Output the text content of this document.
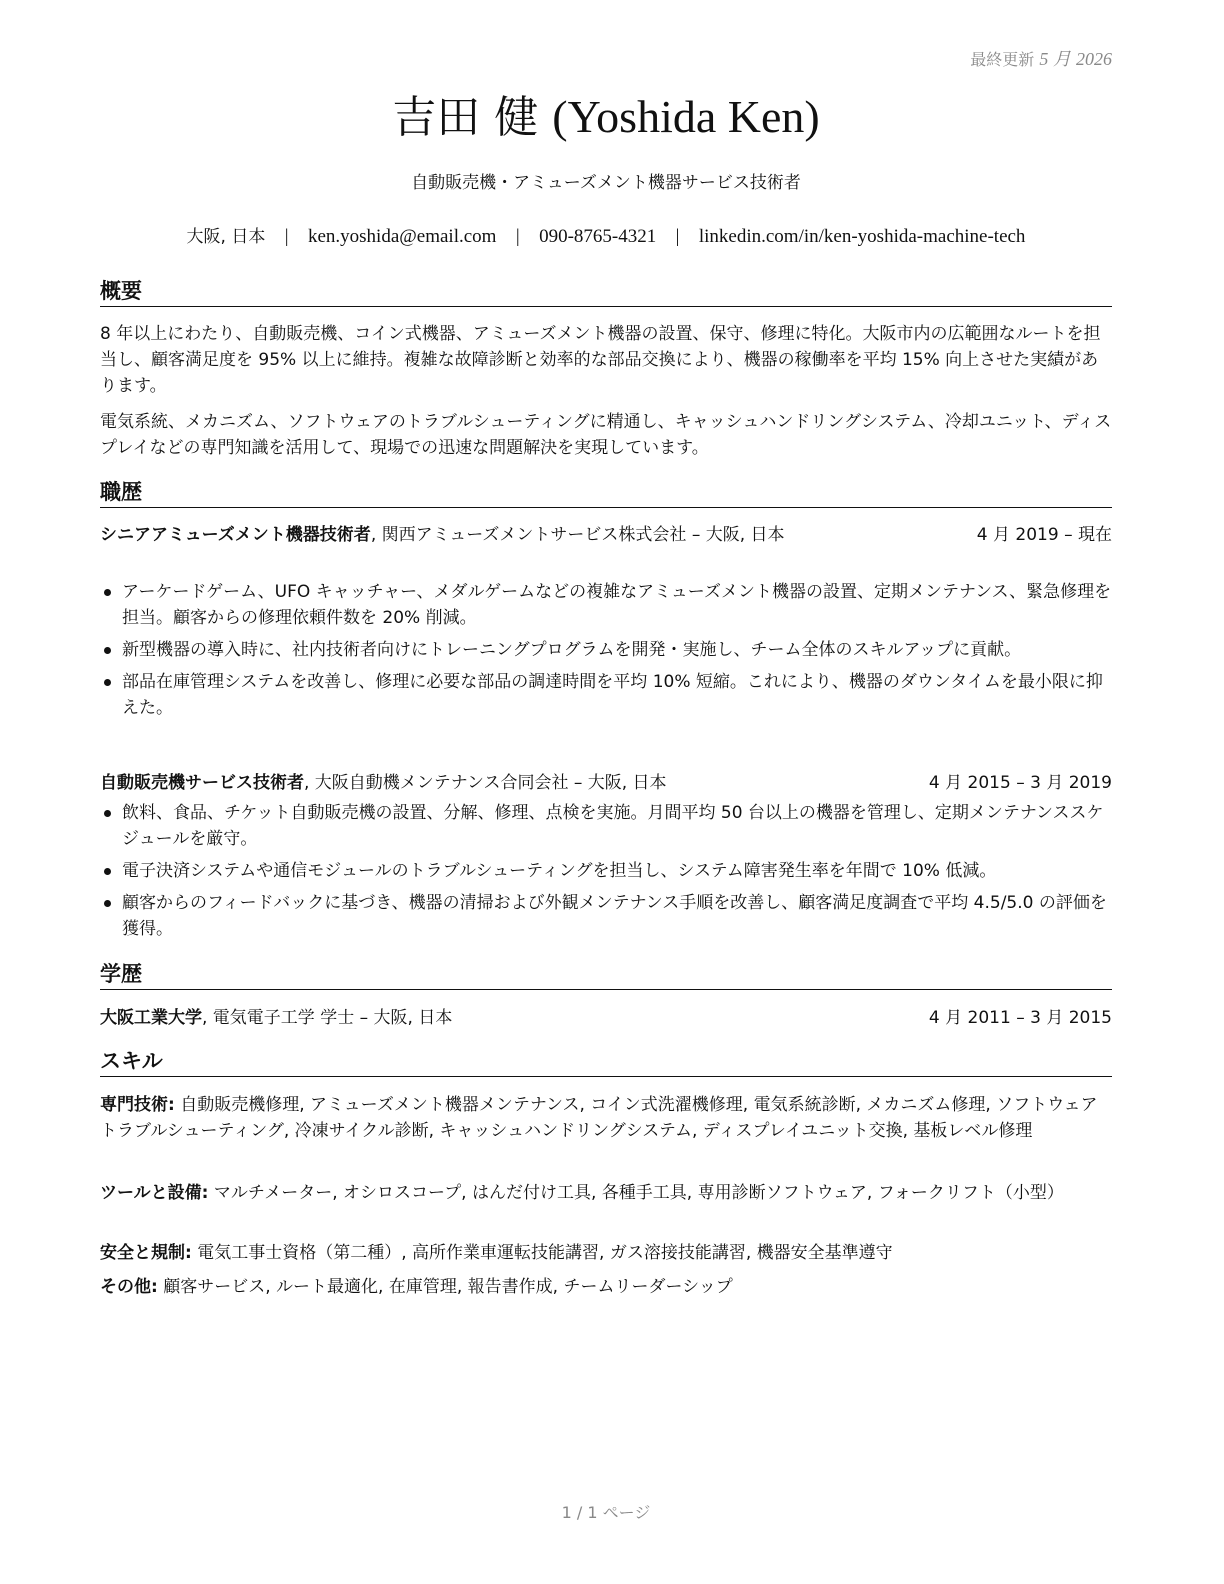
最終更新 5 月 2026
吉田 健 (Yoshida Ken)
自動販売機・アミューズメント機器サービス技術者
大阪, 日本 | ken.yoshida@email.com | 090-8765-4321 | linkedin.com/in/ken-yoshida-machine-tech
概要
8 年以上にわたり、自動販売機、コイン式機器、アミューズメント機器の設置、保守、修理に特化。大阪市内の広範囲なルートを担当し、顧客満足度を 95% 以上に維持。複雑な故障診断と効率的な部品交換により、機器の稼働率を平均 15% 向上させた実績があります。
電気系統、メカニズム、ソフトウェアのトラブルシューティングに精通し、キャッシュハンドリングシステム、冷却ユニット、ディスプレイなどの専門知識を活用して、現場での迅速な問題解決を実現しています。
職歴
シニアアミューズメント機器技術者, 関西アミューズメントサービス株式会社 – 大阪, 日本	4 月 2019 – 現在
アーケードゲーム、UFO キャッチャー、メダルゲームなどの複雑なアミューズメント機器の設置、定期メンテナンス、緊急修理を担当。顧客からの修理依頼件数を 20% 削減。
新型機器の導入時に、社内技術者向けにトレーニングプログラムを開発・実施し、チーム全体のスキルアップに貢献。
部品在庫管理システムを改善し、修理に必要な部品の調達時間を平均 10% 短縮。これにより、機器のダウンタイムを最小限に抑えた。
自動販売機サービス技術者, 大阪自動機メンテナンス合同会社 – 大阪, 日本	4 月 2015 – 3 月 2019
飲料、食品、チケット自動販売機の設置、分解、修理、点検を実施。月間平均 50 台以上の機器を管理し、定期メンテナンススケジュールを厳守。
電子決済システムや通信モジュールのトラブルシューティングを担当し、システム障害発生率を年間で 10% 低減。
顧客からのフィードバックに基づき、機器の清掃および外観メンテナンス手順を改善し、顧客満足度調査で平均 4.5/5.0 の評価を獲得。
学歴
大阪工業大学, 電気電子工学 学士 – 大阪, 日本	4 月 2011 – 3 月 2015
スキル
専門技術: 自動販売機修理, アミューズメント機器メンテナンス, コイン式洗濯機修理, 電気系統診断, メカニズム修理, ソフトウェアトラブルシューティング, 冷凍サイクル診断, キャッシュハンドリングシステム, ディスプレイユニット交換, 基板レベル修理
ツールと設備: マルチメーター, オシロスコープ, はんだ付け工具, 各種手工具, 専用診断ソフトウェア, フォークリフト（小型）
安全と規制: 電気工事士資格（第二種）, 高所作業車運転技能講習, ガス溶接技能講習, 機器安全基準遵守
その他: 顧客サービス, ルート最適化, 在庫管理, 報告書作成, チームリーダーシップ
1 / 1 ページ
